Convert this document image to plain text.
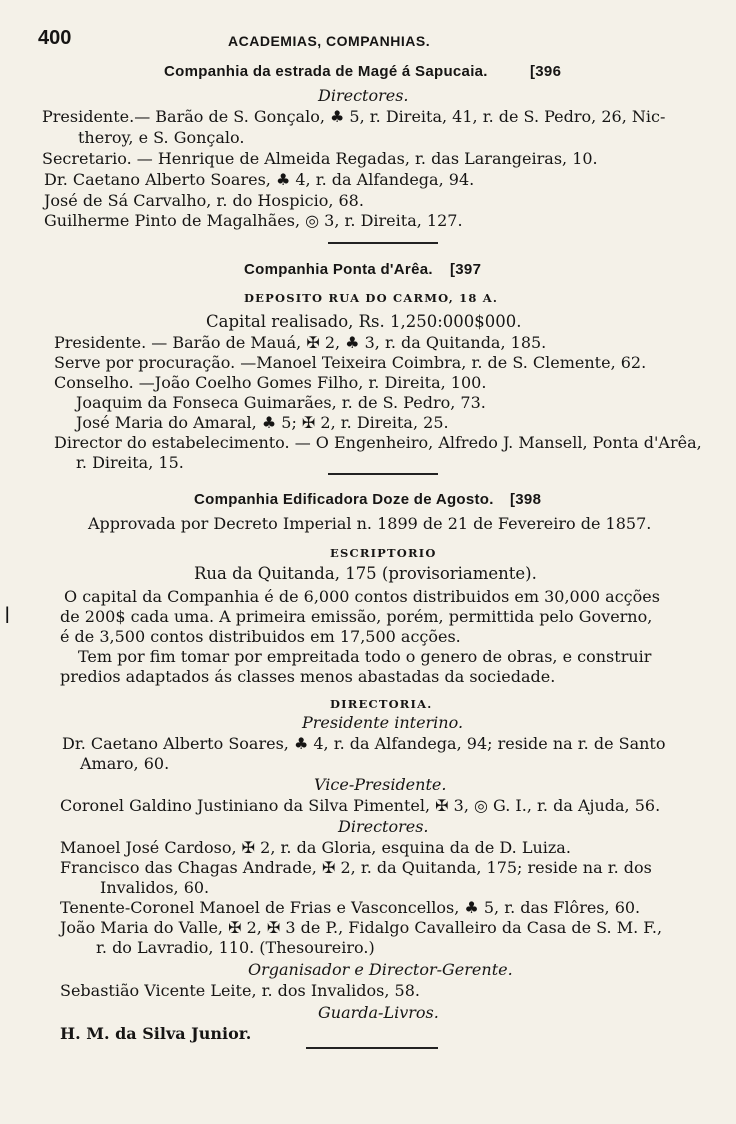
400	ACADEMIAS, COMPANHIAS.
Companhia da estrada de Magé á Sapucaia.	[396
Directores.
Presidente.— Barão de S. Gonçalo, ♣ 5, r. Direita, 41, r. de S. Pedro, 26, Nic-
theroy, e S. Gonçalo.
Secretario. — Henrique de Almeida Regadas, r. das Larangeiras, 10.
Dr. Caetano Alberto Soares, ♣ 4, r. da Alfandega, 94.
José de Sá Carvalho, r. do Hospicio, 68.
Guilherme Pinto de Magalhães, ◎ 3, r. Direita, 127.
Companhia Ponta d'Arêa. [397
DEPOSITO RUA DO CARMO, 18 A.
Capital realisado, Rs. 1,250:000$000.
Presidente. — Barão de Mauá, ✠ 2, ♣ 3, r. da Quitanda, 185.
Serve por procuração. —Manoel Teixeira Coimbra, r. de S. Clemente, 62.
Conselho. —João Coelho Gomes Filho, r. Direita, 100.
Joaquim da Fonseca Guimarães, r. de S. Pedro, 73.
José Maria do Amaral, ♣ 5; ✠ 2, r. Direita, 25.
Director do estabelecimento. — O Engenheiro, Alfredo J. Mansell, Ponta d'Arêa,
r. Direita, 15.
Companhia Edificadora Doze de Agosto. [398
Approvada por Decreto Imperial n. 1899 de 21 de Fevereiro de 1857.
ESCRIPTORIO
Rua da Quitanda, 175 (provisoriamente).
O capital da Companhia é de 6,000 contos distribuidos em 30,000 acções
de 200$ cada uma. A primeira emissão, porém, permittida pelo Governo,
é de 3,500 contos distribuidos em 17,500 acções.
Tem por fim tomar por empreitada todo o genero de obras, e construir
predios adaptados ás classes menos abastadas da sociedade.
DIRECTORIA.
Presidente interino.
Dr. Caetano Alberto Soares, ♣ 4, r. da Alfandega, 94; reside na r. de Santo
Amaro, 60.
Vice-Presidente.
Coronel Galdino Justiniano da Silva Pimentel, ✠ 3, ◎ G. I., r. da Ajuda, 56.
Directores.
Manoel José Cardoso, ✠ 2, r. da Gloria, esquina da de D. Luiza.
Francisco das Chagas Andrade, ✠ 2, r. da Quitanda, 175; reside na r. dos
Invalidos, 60.
Tenente-Coronel Manoel de Frias e Vasconcellos, ♣ 5, r. das Flôres, 60.
João Maria do Valle, ✠ 2, ✠ 3 de P., Fidalgo Cavalleiro da Casa de S. M. F.,
r. do Lavradio, 110. (Thesoureiro.)
Organisador e Director-Gerente.
Sebastião Vicente Leite, r. dos Invalidos, 58.
Guarda-Livros.
H. M. da Silva Junior.
ǀ
